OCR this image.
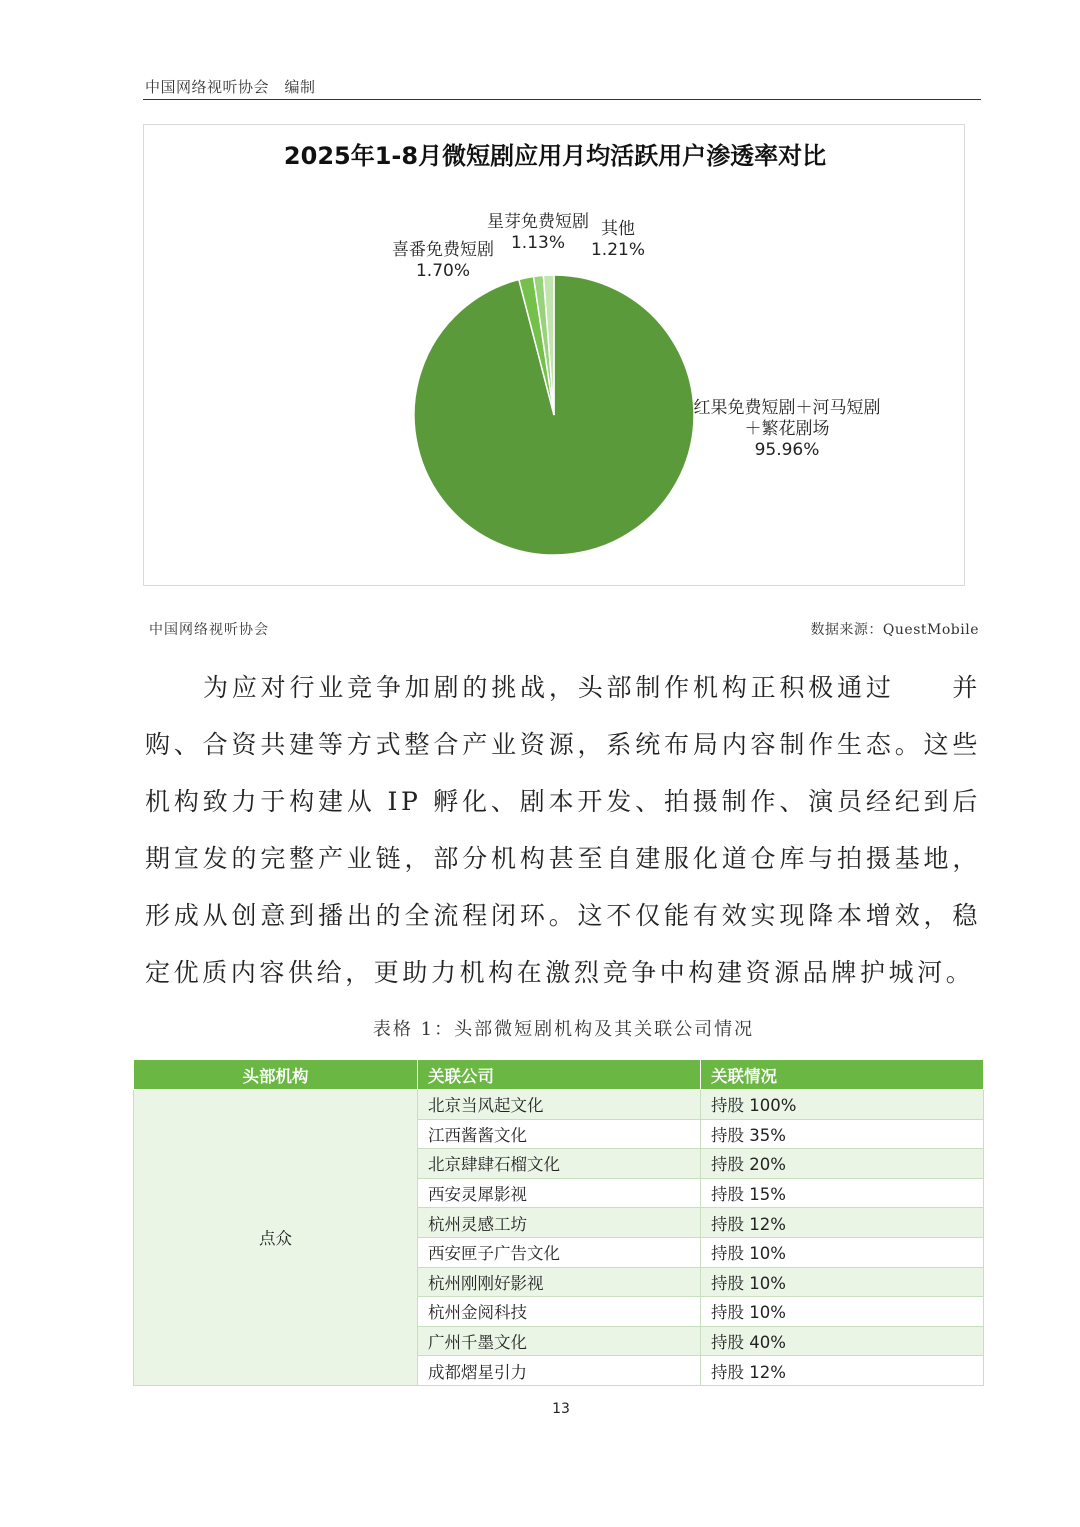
中国网络视听协会  编制
2025年1-8月微短剧应用月均活跃用户渗透率对比
红果免费短剧＋河马短剧＋繁花剧场 95.96%
喜番免费短剧 1.70%
星芽免费短剧 1.13%
其他 1.21%
中国网络视听协会	数据来源：QuestMobile

为应对行业竞争加剧的挑战，头部制作机构正积极通过　　并购、合资共建等方式整合产业资源，系统布局内容制作生态。这些机构致力于构建从 IP 孵化、剧本开发、拍摄制作、演员经纪到后期宣发的完整产业链，部分机构甚至自建服化道仓库与拍摄基地，形成从创意到播出的全流程闭环。这不仅能有效实现降本增效，稳定优质内容供给，更助力机构在激烈竞争中构建资源品牌护城河。

表格 1：头部微短剧机构及其关联公司情况
头部机构	关联公司	关联情况
点众	北京当风起文化	持股 100%
	江西酱酱文化	持股 35%
	北京肆肆石榴文化	持股 20%
	西安灵犀影视	持股 15%
	杭州灵感工坊	持股 12%
	西安匣子广告文化	持股 10%
	杭州刚刚好影视	持股 10%
	杭州金阅科技	持股 10%
	广州千墨文化	持股 40%
	成都熠星引力	持股 12%
13
